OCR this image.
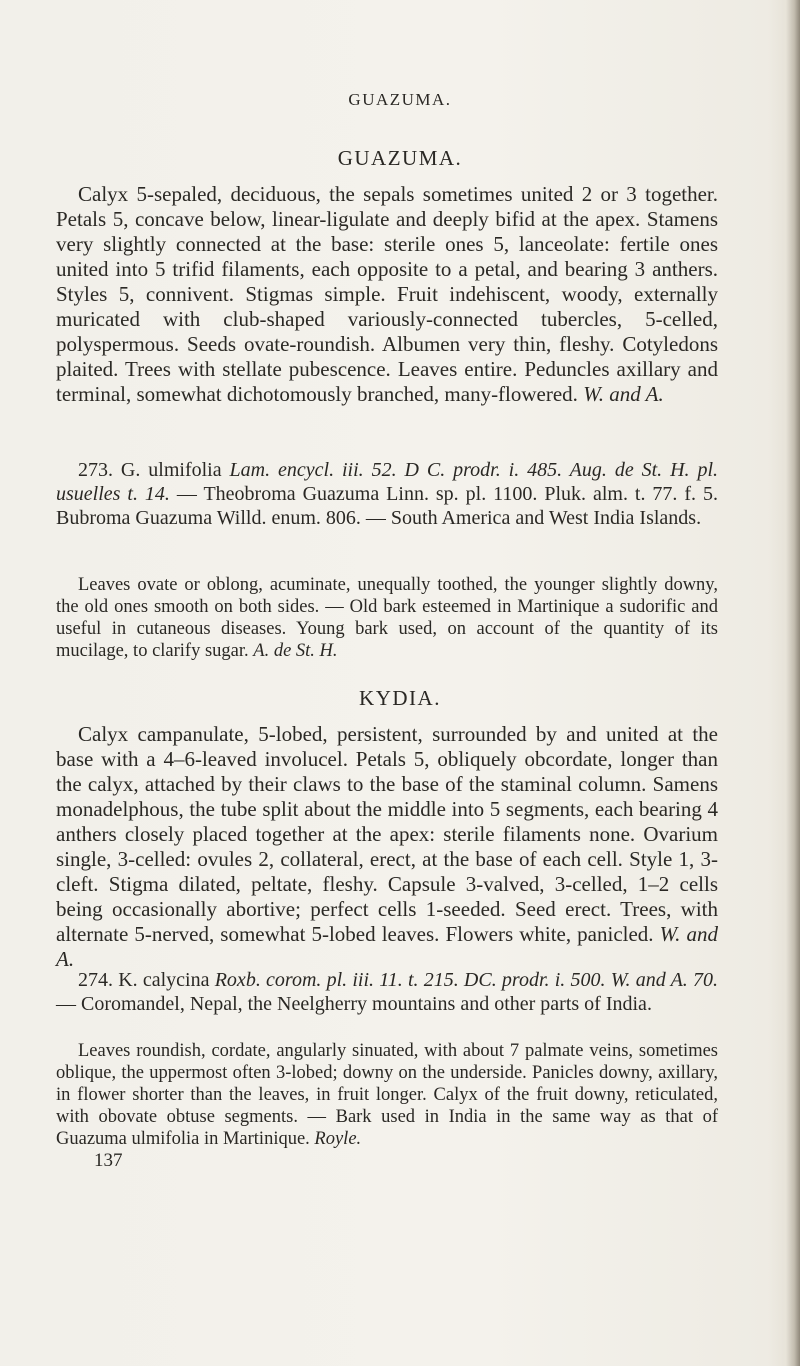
GUAZUMA.
GUAZUMA.

Calyx 5-sepaled, deciduous, the sepals sometimes united 2 or 3 together. Petals 5, concave below, linear-ligulate and deeply bifid at the apex. Stamens very slightly connected at the base: sterile ones 5, lanceolate: fertile ones united into 5 trifid filaments, each opposite to a petal, and bearing 3 anthers. Styles 5, connivent. Stigmas simple. Fruit indehiscent, woody, externally muricated with club-shaped variously-connected tubercles, 5-celled, polyspermous. Seeds ovate-roundish. Albumen very thin, fleshy. Cotyledons plaited. Trees with stellate pubescence. Leaves entire. Peduncles axillary and terminal, somewhat dichotomously branched, many-flowered. W. and A.

273. G. ulmifolia Lam. encycl. iii. 52. D C. prodr. i. 485. Aug. de St. H. pl. usuelles t. 14. — Theobroma Guazuma Linn. sp. pl. 1100. Pluk. alm. t. 77. f. 5. Bubroma Guazuma Willd. enum. 806. — South America and West India Islands.

Leaves ovate or oblong, acuminate, unequally toothed, the younger slightly downy, the old ones smooth on both sides. — Old bark esteemed in Martinique a sudorific and useful in cutaneous diseases. Young bark used, on account of the quantity of its mucilage, to clarify sugar. A. de St. H.

KYDIA.

Calyx campanulate, 5-lobed, persistent, surrounded by and united at the base with a 4–6-leaved involucel. Petals 5, obliquely obcordate, longer than the calyx, attached by their claws to the base of the staminal column. Samens monadelphous, the tube split about the middle into 5 segments, each bearing 4 anthers closely placed together at the apex: sterile filaments none. Ovarium single, 3-celled: ovules 2, collateral, erect, at the base of each cell. Style 1, 3-cleft. Stigma dilated, peltate, fleshy. Capsule 3-valved, 3-celled, 1–2 cells being occasionally abortive; perfect cells 1-seeded. Seed erect. Trees, with alternate 5-nerved, somewhat 5-lobed leaves. Flowers white, panicled. W. and A.

274. K. calycina Roxb. corom. pl. iii. 11. t. 215. DC. prodr. i. 500. W. and A. 70. — Coromandel, Nepal, the Neelgherry mountains and other parts of India.

Leaves roundish, cordate, angularly sinuated, with about 7 palmate veins, sometimes oblique, the uppermost often 3-lobed; downy on the underside. Panicles downy, axillary, in flower shorter than the leaves, in fruit longer. Calyx of the fruit downy, reticulated, with obovate obtuse segments. — Bark used in India in the same way as that of Guazuma ulmifolia in Martinique. Royle.

137
